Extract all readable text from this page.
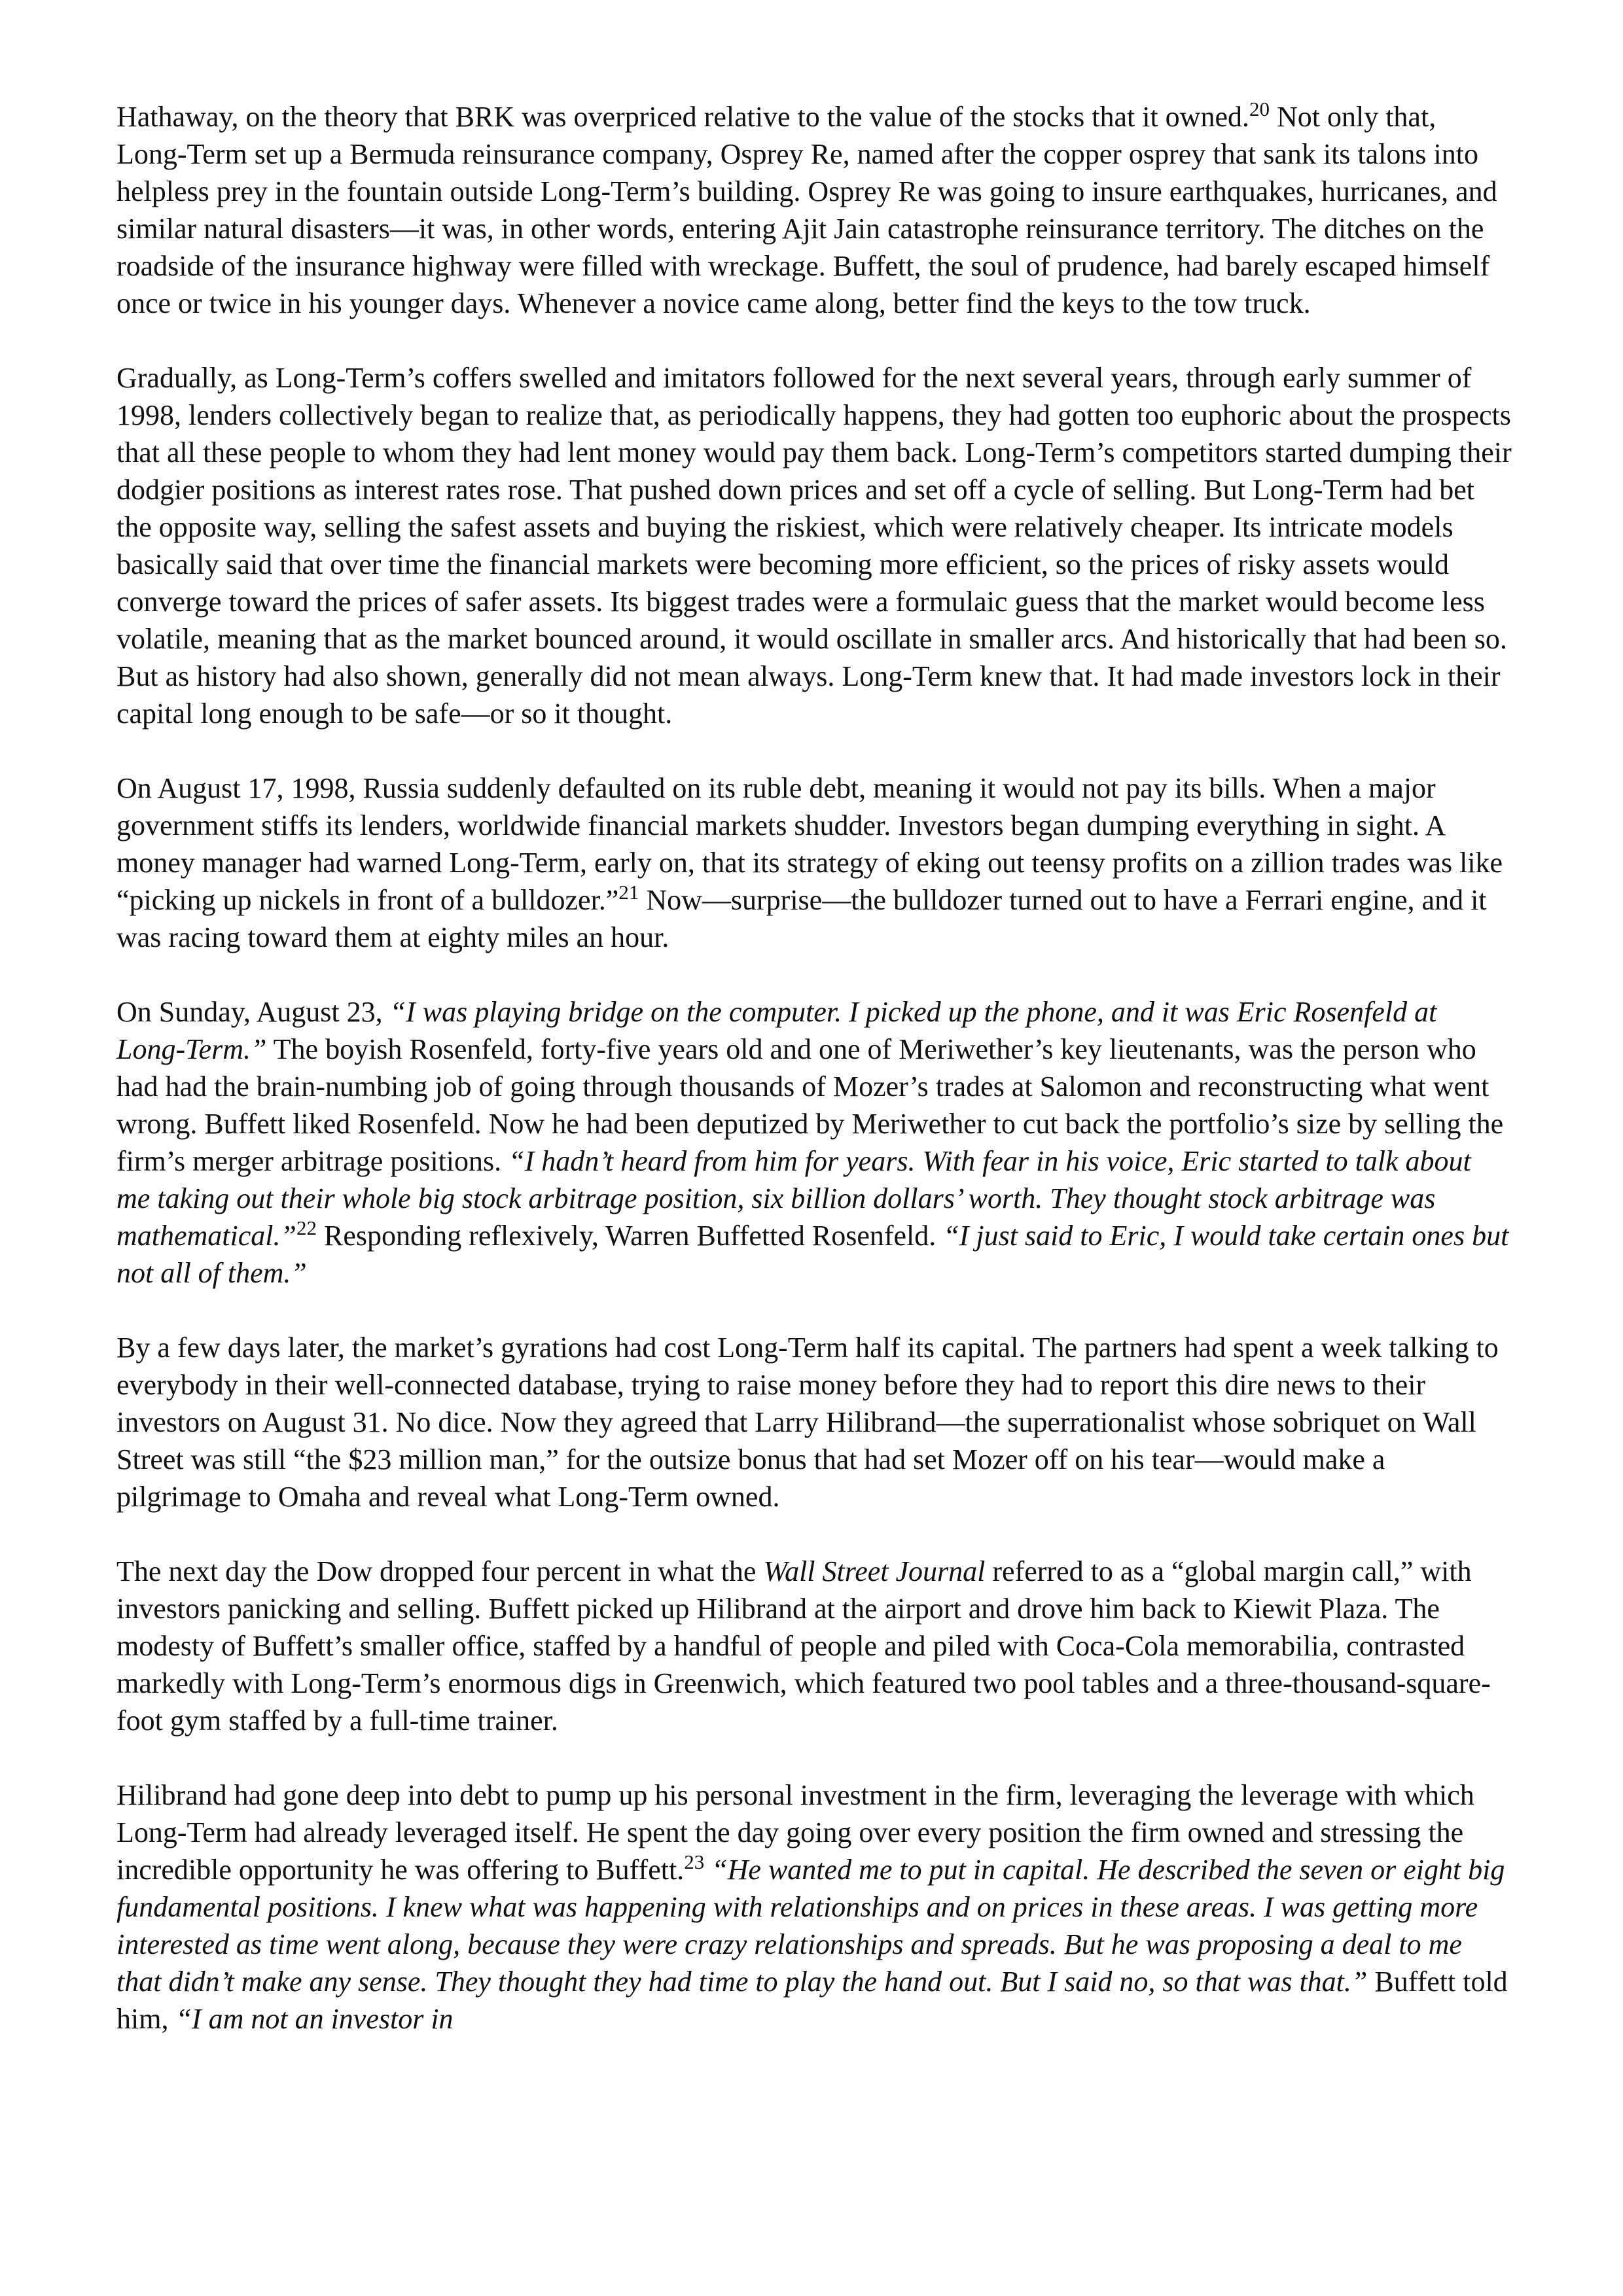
Hathaway, on the theory that BRK was overpriced relative to the value of the stocks that it owned.$^{20}$ Not only that, Long-Term set up a Bermuda reinsurance company, Osprey Re, named after the copper osprey that sank its talons into helpless prey in the fountain outside Long-Term’s building. Osprey Re was going to insure earthquakes, hurricanes, and similar natural disasters—it was, in other words, entering Ajit Jain catastrophe reinsurance territory. The ditches on the roadside of the insurance highway were filled with wreckage. Buffett, the soul of prudence, had barely escaped himself once or twice in his younger days. Whenever a novice came along, better find the keys to the tow truck.

Gradually, as Long-Term’s coffers swelled and imitators followed for the next several years, through early summer of 1998, lenders collectively began to realize that, as periodically happens, they had gotten too euphoric about the prospects that all these people to whom they had lent money would pay them back. Long-Term’s competitors started dumping their dodgier positions as interest rates rose. That pushed down prices and set off a cycle of selling. But Long-Term had bet the opposite way, selling the safest assets and buying the riskiest, which were relatively cheaper. Its intricate models basically said that over time the financial markets were becoming more efficient, so the prices of risky assets would converge toward the prices of safer assets. Its biggest trades were a formulaic guess that the market would become less volatile, meaning that as the market bounced around, it would oscillate in smaller arcs. And historically that had been so. But as history had also shown, generally did not mean always. Long-Term knew that. It had made investors lock in their capital long enough to be safe—or so it thought.

On August 17, 1998, Russia suddenly defaulted on its ruble debt, meaning it would not pay its bills. When a major government stiffs its lenders, worldwide financial markets shudder. Investors began dumping everything in sight. A money manager had warned Long-Term, early on, that its strategy of eking out teensy profits on a zillion trades was like “picking up nickels in front of a bulldozer.”$^{21}$ Now—surprise—the bulldozer turned out to have a Ferrari engine, and it was racing toward them at eighty miles an hour.

On Sunday, August 23, “I was playing bridge on the computer. I picked up the phone, and it was Eric Rosenfeld at Long-Term.” The boyish Rosenfeld, forty-five years old and one of Meriwether’s key lieutenants, was the person who had had the brain-numbing job of going through thousands of Mozer’s trades at Salomon and reconstructing what went wrong. Buffett liked Rosenfeld. Now he had been deputized by Meriwether to cut back the portfolio’s size by selling the firm’s merger arbitrage positions. “I hadn’t heard from him for years. With fear in his voice, Eric started to talk about me taking out their whole big stock arbitrage position, six billion dollars’ worth. They thought stock arbitrage was mathematical.”$^{22}$ Responding reflexively, Warren Buffetted Rosenfeld. “I just said to Eric, I would take certain ones but not all of them.”

By a few days later, the market’s gyrations had cost Long-Term half its capital. The partners had spent a week talking to everybody in their well-connected database, trying to raise money before they had to report this dire news to their investors on August 31. No dice. Now they agreed that Larry Hilibrand—the superrationalist whose sobriquet on Wall Street was still “the $23 million man,” for the outsize bonus that had set Mozer off on his tear—would make a pilgrimage to Omaha and reveal what Long-Term owned.

The next day the Dow dropped four percent in what the Wall Street Journal referred to as a “global margin call,” with investors panicking and selling. Buffett picked up Hilibrand at the airport and drove him back to Kiewit Plaza. The modesty of Buffett’s smaller office, staffed by a handful of people and piled with Coca-Cola memorabilia, contrasted markedly with Long-Term’s enormous digs in Greenwich, which featured two pool tables and a three-thousand-square-foot gym staffed by a full-time trainer.

Hilibrand had gone deep into debt to pump up his personal investment in the firm, leveraging the leverage with which Long-Term had already leveraged itself. He spent the day going over every position the firm owned and stressing the incredible opportunity he was offering to Buffett.$^{23}$ “He wanted me to put in capital. He described the seven or eight big fundamental positions. I knew what was happening with relationships and on prices in these areas. I was getting more interested as time went along, because they were crazy relationships and spreads. But he was proposing a deal to me that didn’t make any sense. They thought they had time to play the hand out. But I said no, so that was that.” Buffett told him, “I am not an investor in
